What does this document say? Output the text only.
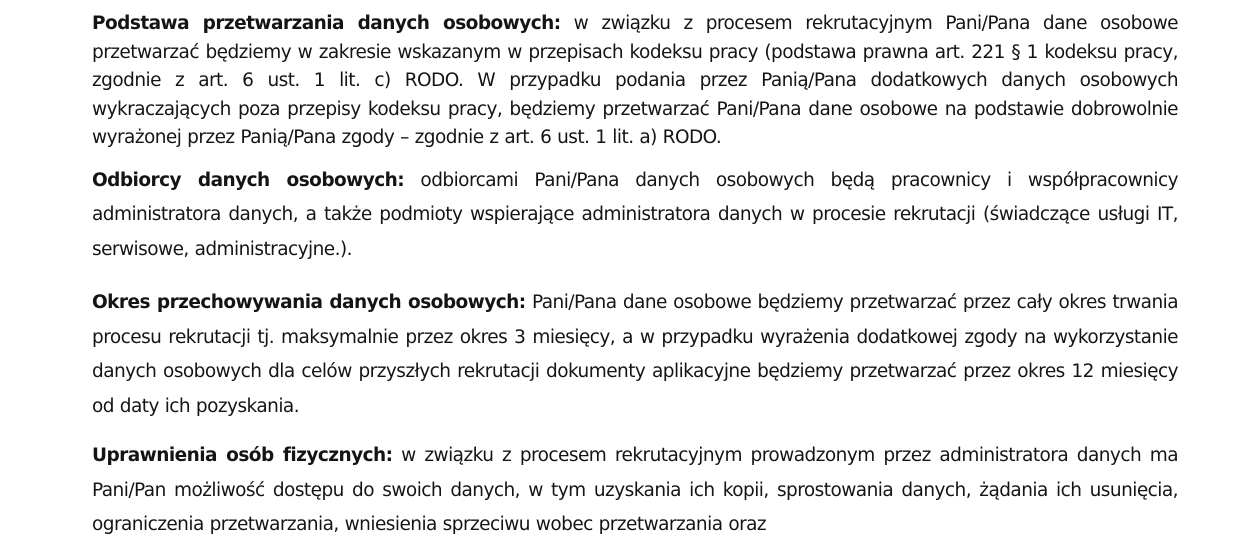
Podstawa przetwarzania danych osobowych: w związku z procesem rekrutacyjnym Pani/Pana dane osobowe przetwarzać będziemy w zakresie wskazanym w przepisach kodeksu pracy (podstawa prawna art. 221 § 1 kodeksu pracy, zgodnie z art. 6 ust. 1 lit. c) RODO. W przypadku podania przez Panią/Pana dodatkowych danych osobowych wykraczających poza przepisy kodeksu pracy, będziemy przetwarzać Pani/Pana dane osobowe na podstawie dobrowolnie wyrażonej przez Panią/Pana zgody – zgodnie z art. 6 ust. 1 lit. a) RODO.

Odbiorcy danych osobowych: odbiorcami Pani/Pana danych osobowych będą pracownicy i współpracownicy administratora danych, a także podmioty wspierające administratora danych w procesie rekrutacji (świadczące usługi IT, serwisowe, administracyjne.).

Okres przechowywania danych osobowych: Pani/Pana dane osobowe będziemy przetwarzać przez cały okres trwania procesu rekrutacji tj. maksymalnie przez okres 3 miesięcy, a w przypadku wyrażenia dodatkowej zgody na wykorzystanie danych osobowych dla celów przyszłych rekrutacji dokumenty aplikacyjne będziemy przetwarzać przez okres 12 miesięcy od daty ich pozyskania.

Uprawnienia osób fizycznych: w związku z procesem rekrutacyjnym prowadzonym przez administratora danych ma Pani/Pan możliwość dostępu do swoich danych, w tym uzyskania ich kopii, sprostowania danych, żądania ich usunięcia, ograniczenia przetwarzania, wniesienia sprzeciwu wobec przetwarzania oraz
